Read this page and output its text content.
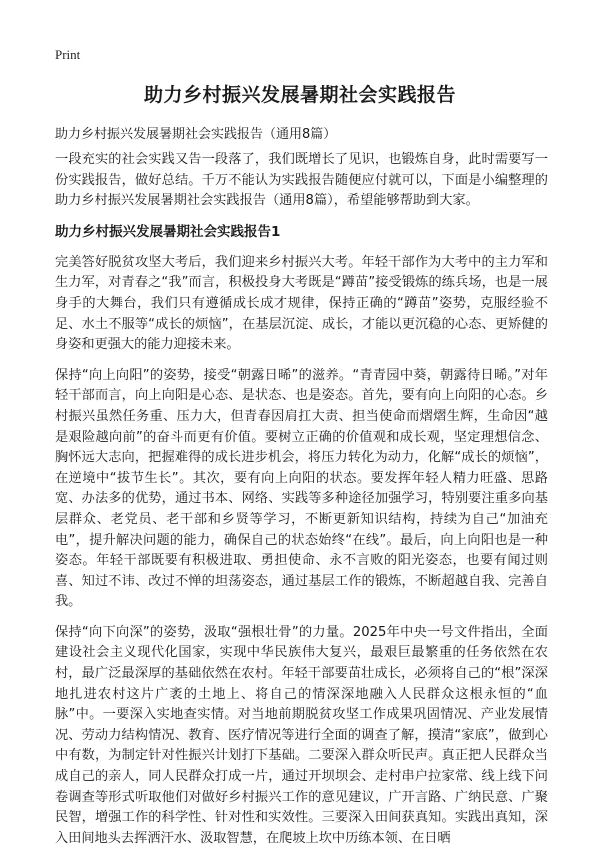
Print
助力乡村振兴发展暑期社会实践报告
助力乡村振兴发展暑期社会实践报告（通用8篇）

一段充实的社会实践又告一段落了，我们既增长了见识，也锻炼自身，此时需要写一份实践报告，做好总结。千万不能认为实践报告随便应付就可以，下面是小编整理的助力乡村振兴发展暑期社会实践报告（通用8篇），希望能够帮助到大家。

助力乡村振兴发展暑期社会实践报告1

完美答好脱贫攻坚大考后，我们迎来乡村振兴大考。年轻干部作为大考中的主力军和生力军，对青春之“我”而言，积极投身大考既是“蹲苗”接受锻炼的练兵场，也是一展身手的大舞台，我们只有遵循成长成才规律，保持正确的“蹲苗”姿势，克服经验不足、水土不服等“成长的烦恼”，在基层沉淀、成长，才能以更沉稳的心态、更矫健的身姿和更强大的能力迎接未来。

保持“向上向阳”的姿势，接受“朝露日晞”的滋养。“青青园中葵，朝露待日晞。”对年轻干部而言，向上向阳是心态、是状态、也是姿态。首先，要有向上向阳的心态。乡村振兴虽然任务重、压力大，但青春因肩扛大责、担当使命而熠熠生辉，生命因“越是艰险越向前”的奋斗而更有价值。要树立正确的价值观和成长观，坚定理想信念、胸怀远大志向，把握难得的成长进步机会，将压力转化为动力，化解“成长的烦恼”，在逆境中“拔节生长”。其次，要有向上向阳的状态。要发挥年轻人精力旺盛、思路宽、办法多的优势，通过书本、网络、实践等多种途径加强学习，特别要注重多向基层群众、老党员、老干部和乡贤等学习，不断更新知识结构，持续为自己“加油充电”，提升解决问题的能力，确保自己的状态始终“在线”。最后，向上向阳也是一种姿态。年轻干部既要有积极进取、勇担使命、永不言败的阳光姿态，也要有闻过则喜、知过不讳、改过不惮的坦荡姿态，通过基层工作的锻炼，不断超越自我、完善自我。

保持“向下向深”的姿势，汲取“强根壮骨”的力量。2025年中央一号文件指出，全面建设社会主义现代化国家，实现中华民族伟大复兴，最艰巨最繁重的任务依然在农村，最广泛最深厚的基础依然在农村。年轻干部要苗壮成长，必须将自己的“根”深深地扎进农村这片广袤的土地上、将自己的情深深地融入人民群众这根永恒的“血脉”中。一要深入实地查实情。对当地前期脱贫攻坚工作成果巩固情况、产业发展情况、劳动力结构情况、教育、医疗情况等进行全面的调查了解，摸清“家底”，做到心中有数，为制定针对性振兴计划打下基础。二要深入群众听民声。真正把人民群众当成自己的亲人，同人民群众打成一片，通过开坝坝会、走村串户拉家常、线上线下问卷调查等形式听取他们对做好乡村振兴工作的意见建议，广开言路、广纳民意、广聚民智，增强工作的科学性、针对性和实效性。三要深入田间获真知。实践出真知，深入田间地头去挥洒汗水、汲取智慧，在爬坡上坎中历练本领、在日晒
